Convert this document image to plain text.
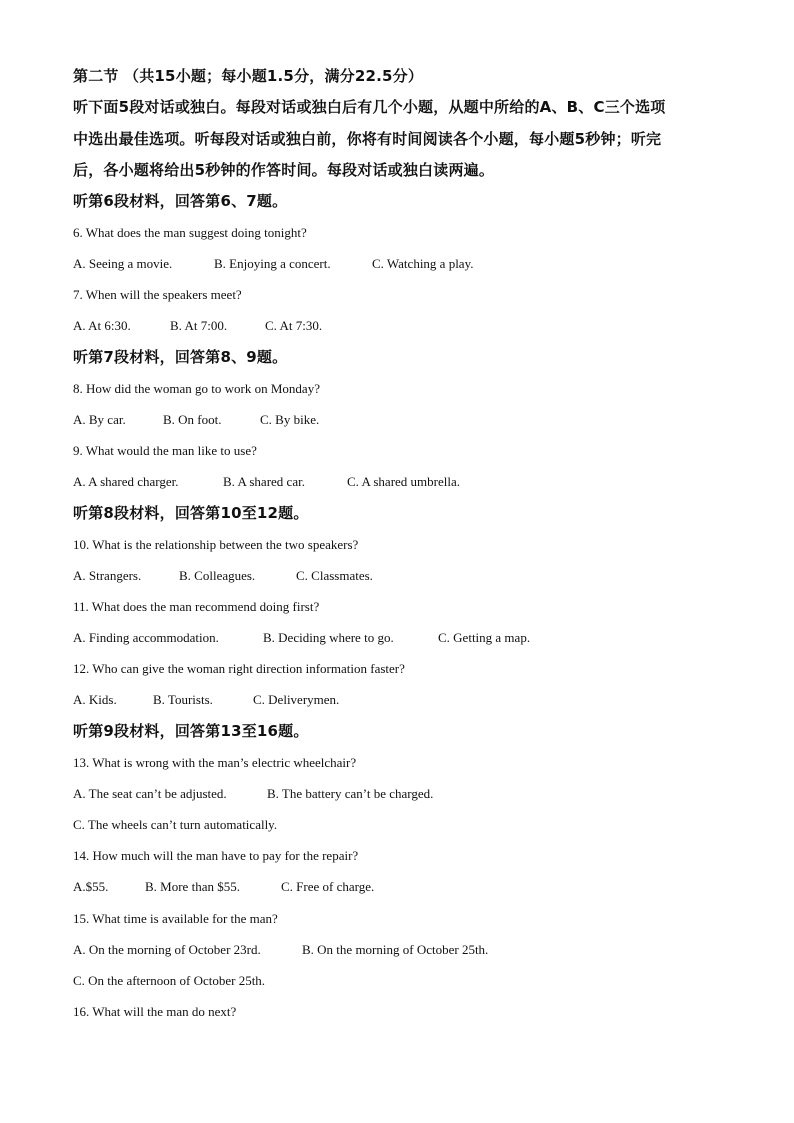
第二节 （共15小题；每小题1.5分，满分22.5分）
听下面5段对话或独白。每段对话或独白后有几个小题，从题中所给的A、B、C三个选项
中选出最佳选项。听每段对话或独白前，你将有时间阅读各个小题，每小题5秒钟；听完
后，各小题将给出5秒钟的作答时间。每段对话或独白读两遍。
听第6段材料，回答第6、7题。
6. What does the man suggest doing tonight?
A. Seeing a movie.	B. Enjoying a concert.	C. Watching a play.
7. When will the speakers meet?
A. At 6:30.	B. At 7:00.	C. At 7:30.
听第7段材料，回答第8、9题。
8. How did the woman go to work on Monday?
A. By car.	B. On foot.	C. By bike.
9. What would the man like to use?
A. A shared charger.	B. A shared car.	C. A shared umbrella.
听第8段材料，回答第10至12题。
10. What is the relationship between the two speakers?
A. Strangers.	B. Colleagues.	C. Classmates.
11. What does the man recommend doing first?
A. Finding accommodation.	B. Deciding where to go.	C. Getting a map.
12. Who can give the woman right direction information faster?
A. Kids.	B. Tourists.	C. Deliverymen.
听第9段材料，回答第13至16题。
13. What is wrong with the man’s electric wheelchair?
A. The seat can’t be adjusted.	B. The battery can’t be charged.
C. The wheels can’t turn automatically.
14. How much will the man have to pay for the repair?
A.$55.	B. More than $55.	C. Free of charge.
15. What time is available for the man?
A. On the morning of October 23rd.	B. On the morning of October 25th.
C. On the afternoon of October 25th.
16. What will the man do next?
